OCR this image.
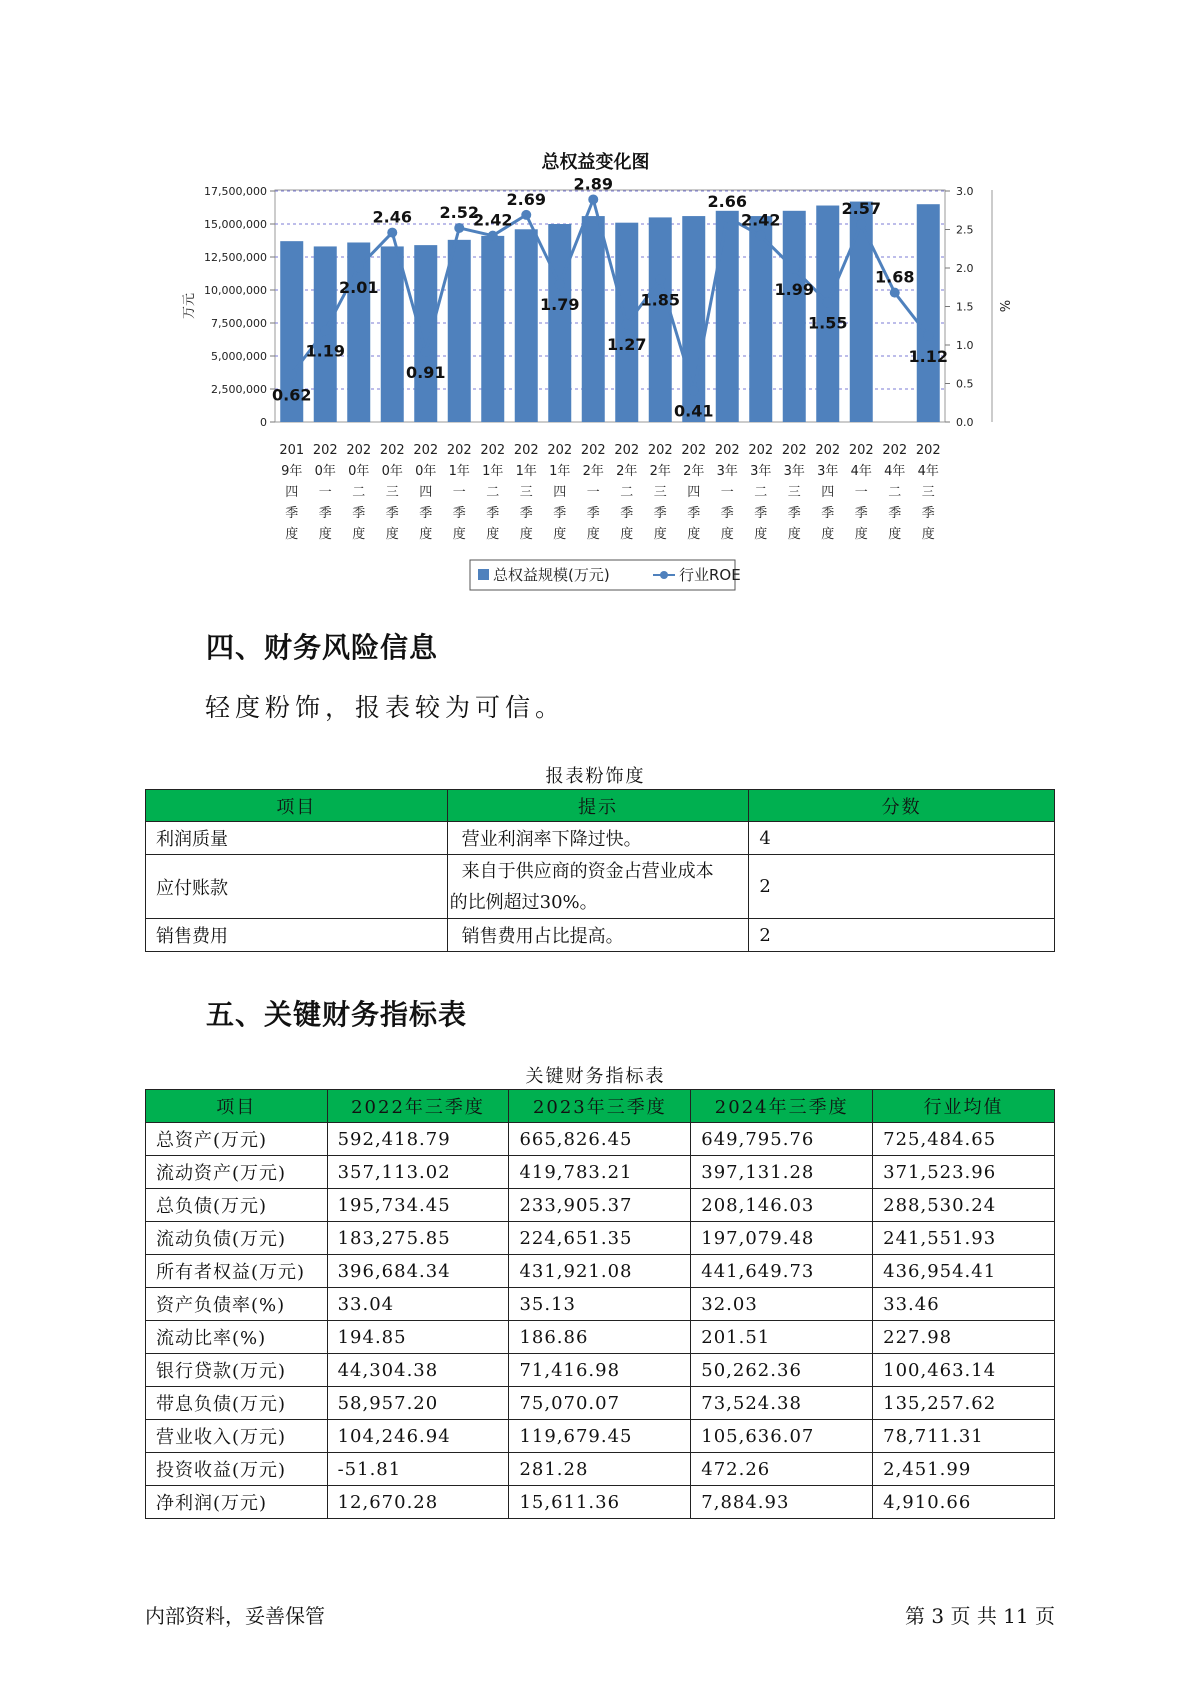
总权益变化图
0
2,500,000
5,000,000
7,500,000
10,000,000
12,500,000
15,000,000
17,500,000
0.0
0.5
1.0
1.5
2.0
2.5
3.0
万元	%
201
9年
四
季
度
202
0年
一
季
度
202
0年
二
季
度
202
0年
三
季
度
202
0年
四
季
度
202
1年
一
季
度
202
1年
二
季
度
202
1年
三
季
度
202
1年
四
季
度
202
2年
一
季
度
202
2年
二
季
度
202
2年
三
季
度
202
2年
四
季
度
202
3年
一
季
度
202
3年
二
季
度
202
3年
三
季
度
202
3年
四
季
度
202
4年
一
季
度
202
4年
二
季
度
202
4年
三
季
度
0.62
1.19
2.01
2.46
0.91
2.52
2.42
2.69
1.79
2.89
1.27
1.85
0.41
2.66
2.42
1.99
1.55
2.57
1.68
1.12
总权益规模(万元)	行业ROE
四、财务风险信息
轻度粉饰，报表较为可信。
报表粉饰度
项目	提示	分数
利润质量	营业利润率下降过快。	4
应付账款	来自于供应商的资金占营业成本
的比例超过30%。	2
销售费用	销售费用占比提高。	2
五、关键财务指标表
关键财务指标表
项目	2022年三季度	2023年三季度	2024年三季度	行业均值
总资产(万元)	592,418.79	665,826.45	649,795.76	725,484.65
流动资产(万元)	357,113.02	419,783.21	397,131.28	371,523.96
总负债(万元)	195,734.45	233,905.37	208,146.03	288,530.24
流动负债(万元)	183,275.85	224,651.35	197,079.48	241,551.93
所有者权益(万元)	396,684.34	431,921.08	441,649.73	436,954.41
资产负债率(%)	33.04	35.13	32.03	33.46
流动比率(%)	194.85	186.86	201.51	227.98
银行贷款(万元)	44,304.38	71,416.98	50,262.36	100,463.14
带息负债(万元)	58,957.20	75,070.07	73,524.38	135,257.62
营业收入(万元)	104,246.94	119,679.45	105,636.07	78,711.31
投资收益(万元)	-51.81	281.28	472.26	2,451.99
净利润(万元)	12,670.28	15,611.36	7,884.93	4,910.66
内部资料，妥善保管	第 3 页 共 11 页
